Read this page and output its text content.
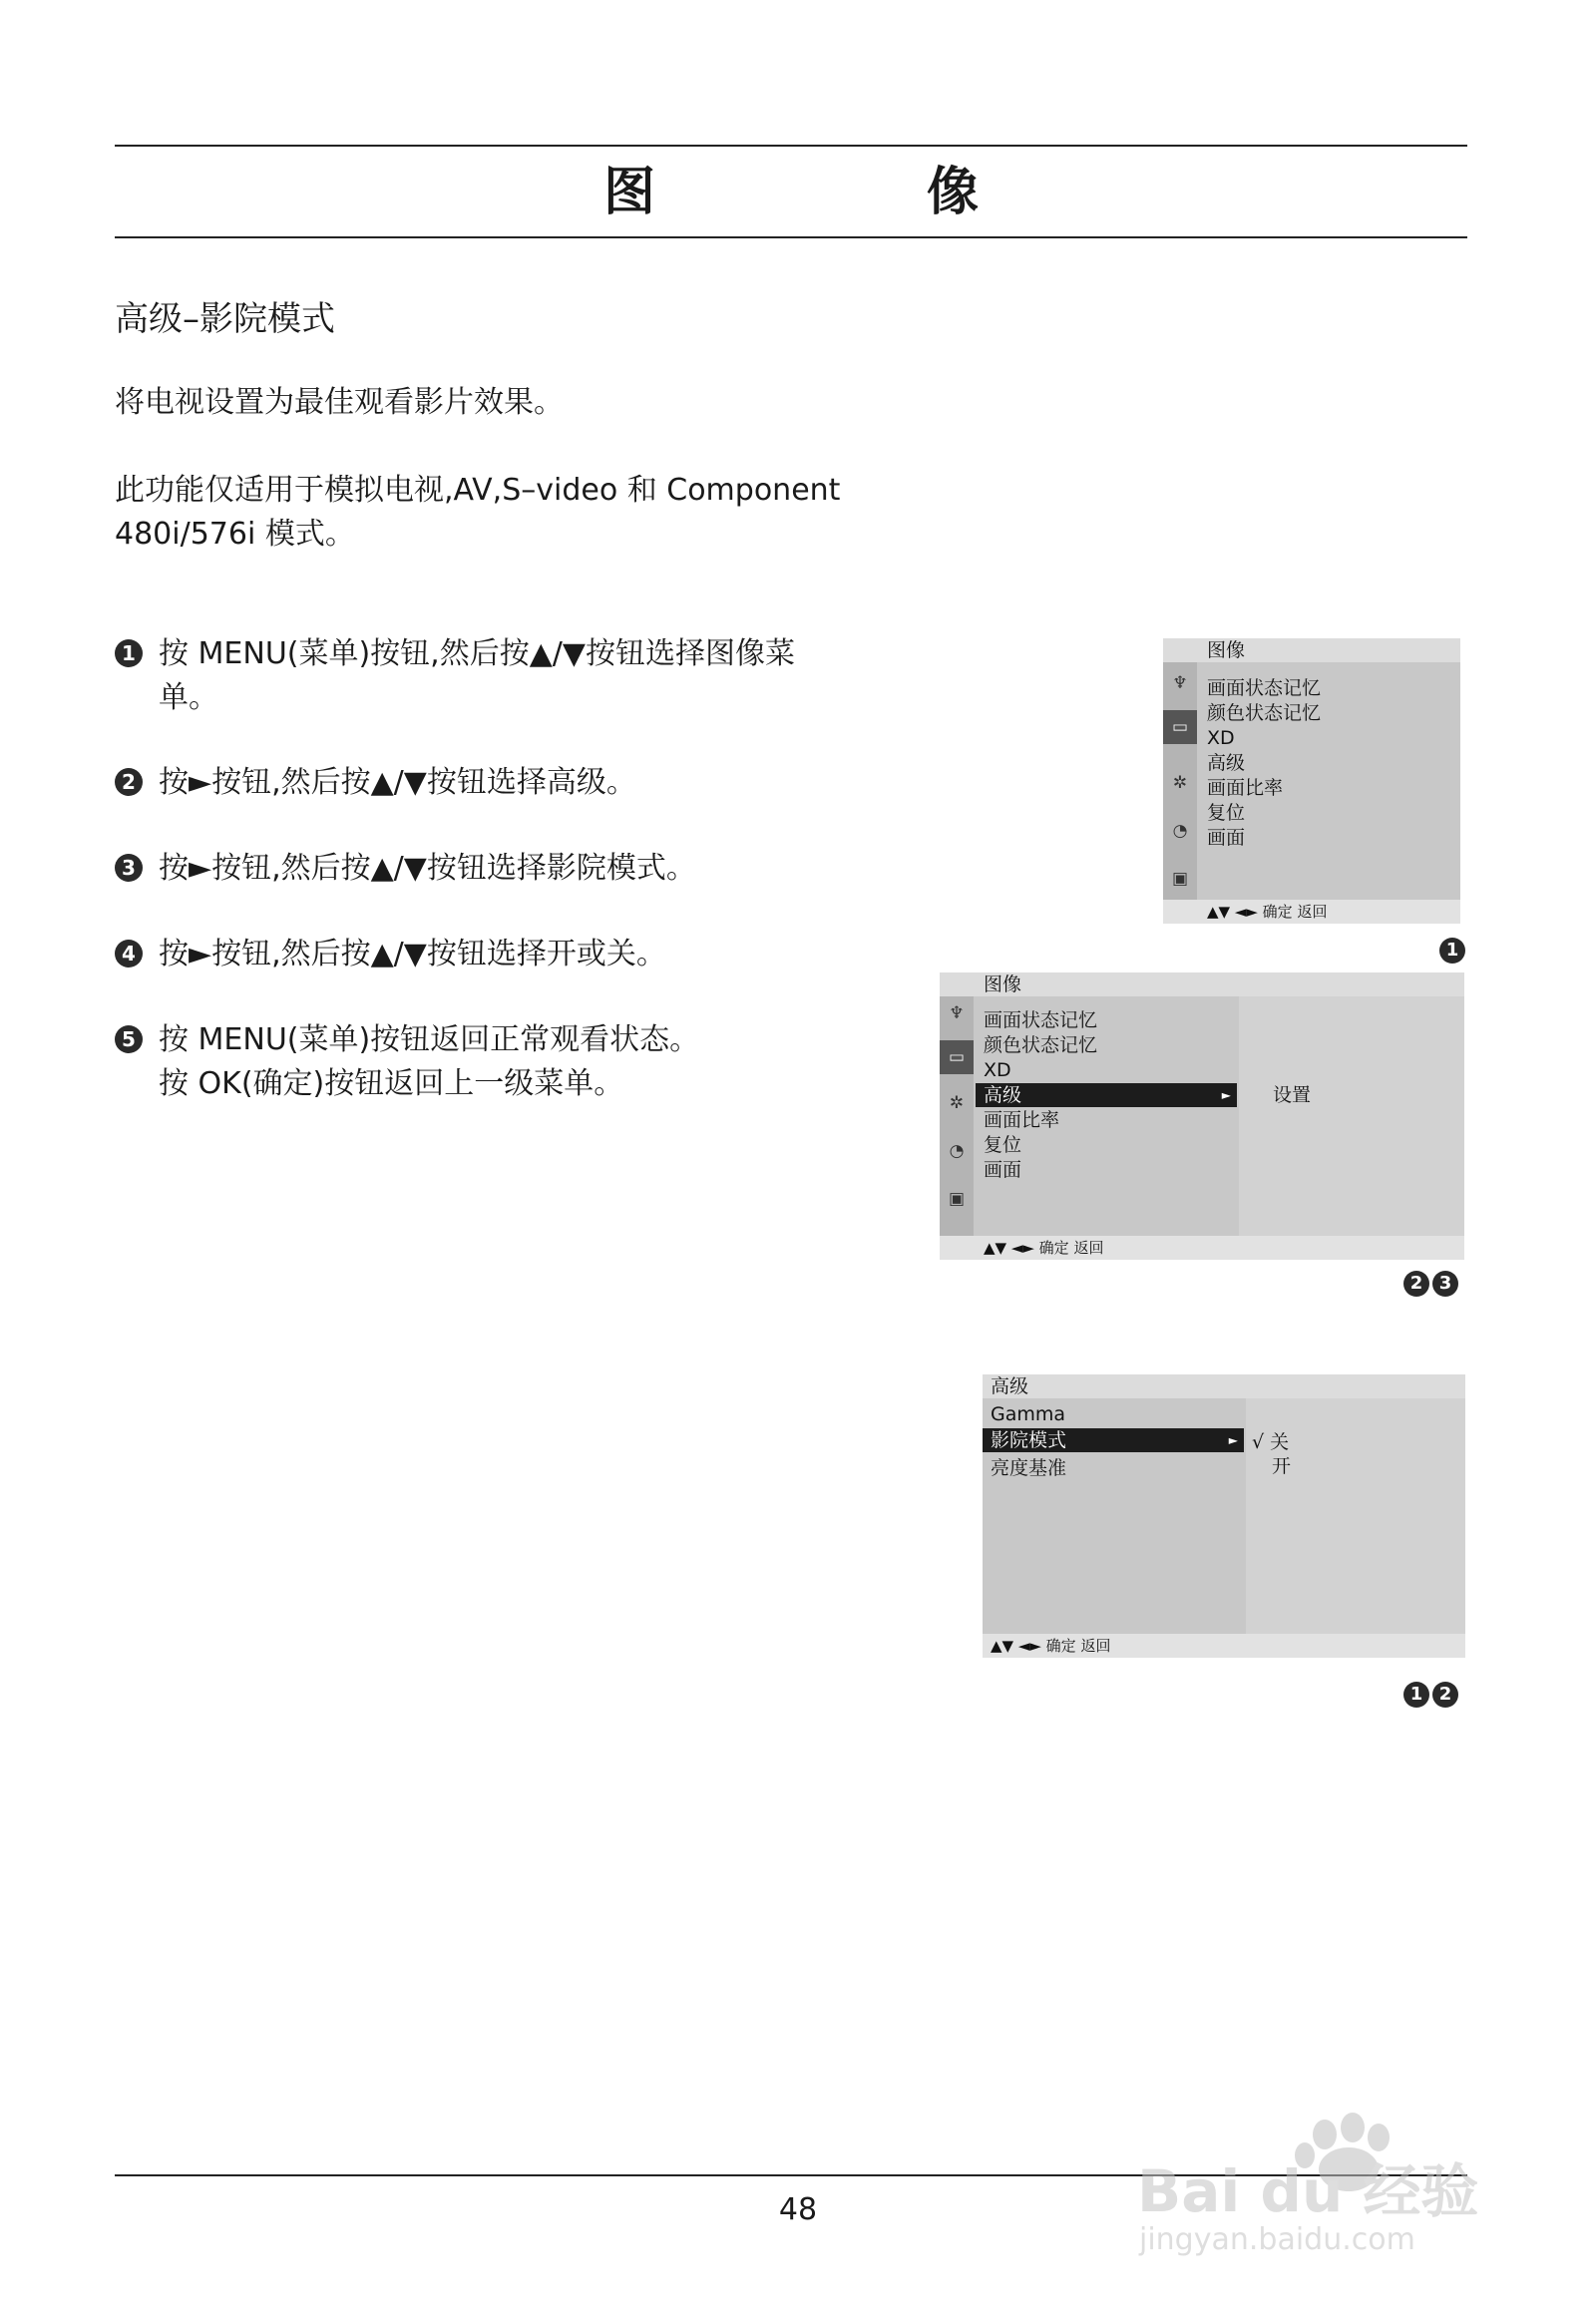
图　像
高级–影院模式
将电视设置为最佳观看影片效果。
此功能仅适用于模拟电视,AV,S–video 和 Component
480i/576i 模式。
1 按 MENU(菜单)按钮,然后按▲/▼按钮选择图像菜
单。
2 按►按钮,然后按▲/▼按钮选择高级。
3 按►按钮,然后按▲/▼按钮选择影院模式。
4 按►按钮,然后按▲/▼按钮选择开或关。
5 按 MENU(菜单)按钮返回正常观看状态。
按 OK(确定)按钮返回上一级菜单。
图像
♆
▭
✲
◔
▣
画面状态记忆
颜色状态记忆
XD
高级
画面比率
复位
画面
▲▼ ◄► 确定 返回
1
图像
♆
▭
✲
◔
▣
画面状态记忆
颜色状态记忆
XD
高级	►
画面比率
复位
画面
设置
▲▼ ◄► 确定 返回
2 3
高级
Gamma
影院模式	►
亮度基准
√ 关
开
▲▼ ◄► 确定 返回
1 2
48	Bai du 经验
jingyan.baidu.com
